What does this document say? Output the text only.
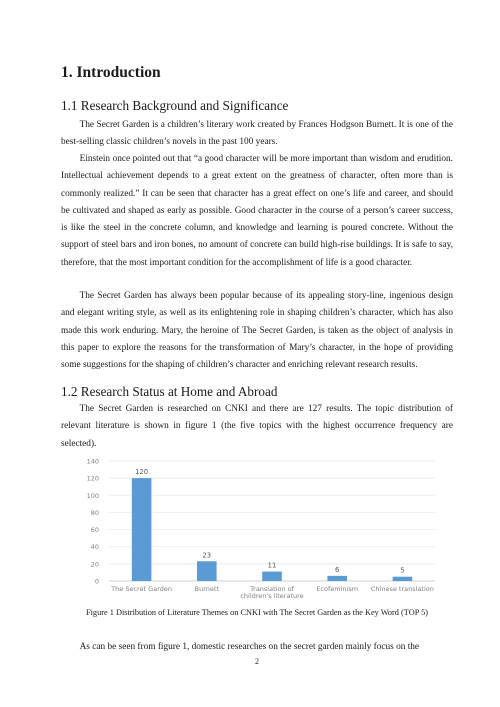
1. Introduction
1.1 Research Background and Significance

The Secret Garden is a children’s literary work created by Frances Hodgson Burnett. It is one of the best-selling classic children’s novels in the past 100 years.

Einstein once pointed out that “a good character will be more important than wisdom and erudition. Intellectual achievement depends to a great extent on the greatness of character, often more than is commonly realized.” It can be seen that character has a great effect on one’s life and career, and should be cultivated and shaped as early as possible. Good character in the course of a person’s career success, is like the steel in the concrete column, and knowledge and learning is poured concrete. Without the support of steel bars and iron bones, no amount of concrete can build high-rise buildings. It is safe to say, therefore, that the most important condition for the accomplishment of life is a good character.

The Secret Garden has always been popular because of its appealing story-line, ingenious design and elegant writing style, as well as its enlightening role in shaping children’s character, which has also made this work enduring. Mary, the heroine of The Secret Garden, is taken as the object of analysis in this paper to explore the reasons for the transformation of Mary’s character, in the hope of providing some suggestions for the shaping of children’s character and enriching relevant research results.

1.2 Research Status at Home and Abroad

The Secret Garden is researched on CNKI and there are 127 results. The topic distribution of relevant literature is shown in figure 1 (the five topics with the highest occurrence frequency are selected).

0
20
40
60
80
100
120
140
120
The Secret Garden
23
Burnett
11
Translation of children's literature
6
Ecofeminism
5
Chinese translation

Figure 1 Distribution of Literature Themes on CNKI with The Secret Garden as the Key Word (TOP 5)

As can be seen from figure 1, domestic researches on the secret garden mainly focus on the

2
